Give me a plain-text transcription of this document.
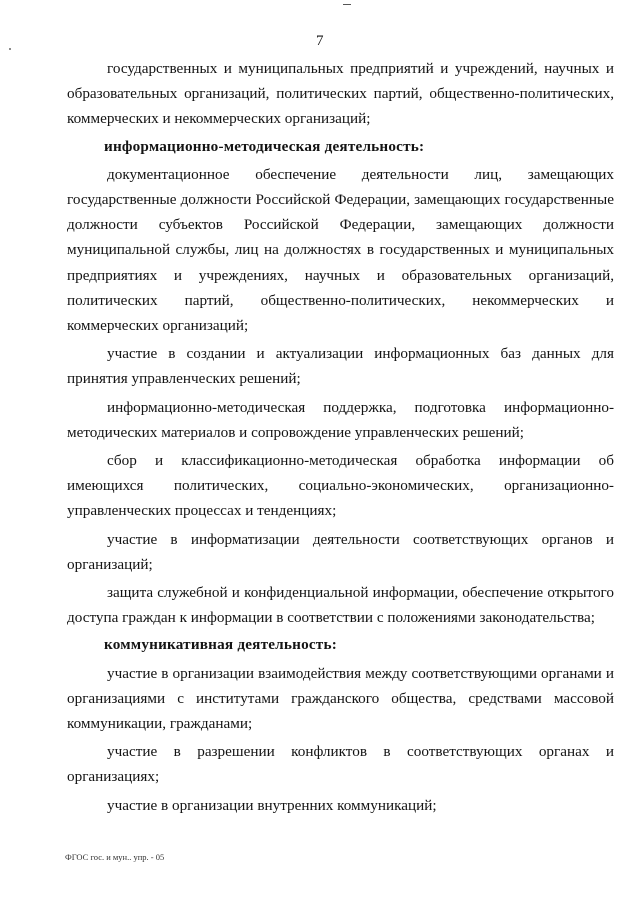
7

государственных и муниципальных предприятий и учреждений, научных и образовательных организаций, политических партий, общественно-политических, коммерческих и некоммерческих организаций;

информационно-методическая деятельность:

документационное обеспечение деятельности лиц, замещающих государственные должности Российской Федерации, замещающих государственные должности субъектов Российской Федерации, замещающих должности муниципальной службы, лиц на должностях в государственных и муниципальных предприятиях и учреждениях, научных и образовательных организаций, политических партий, общественно-политических, некоммерческих и коммерческих организаций;

участие в создании и актуализации информационных баз данных для принятия управленческих решений;

информационно-методическая поддержка, подготовка информационно-методических материалов и сопровождение управленческих решений;

сбор и классификационно-методическая обработка информации об имеющихся политических, социально-экономических, организационно-управленческих процессах и тенденциях;

участие в информатизации деятельности соответствующих органов и организаций;

защита служебной и конфиденциальной информации, обеспечение открытого доступа граждан к информации в соответствии с положениями законодательства;

коммуникативная деятельность:

участие в организации взаимодействия между соответствующими органами и организациями с институтами гражданского общества, средствами массовой коммуникации, гражданами;

участие в разрешении конфликтов в соответствующих органах и организациях;

участие в организации внутренних коммуникаций;

ФГОС гос. и мун.. упр. - 05
